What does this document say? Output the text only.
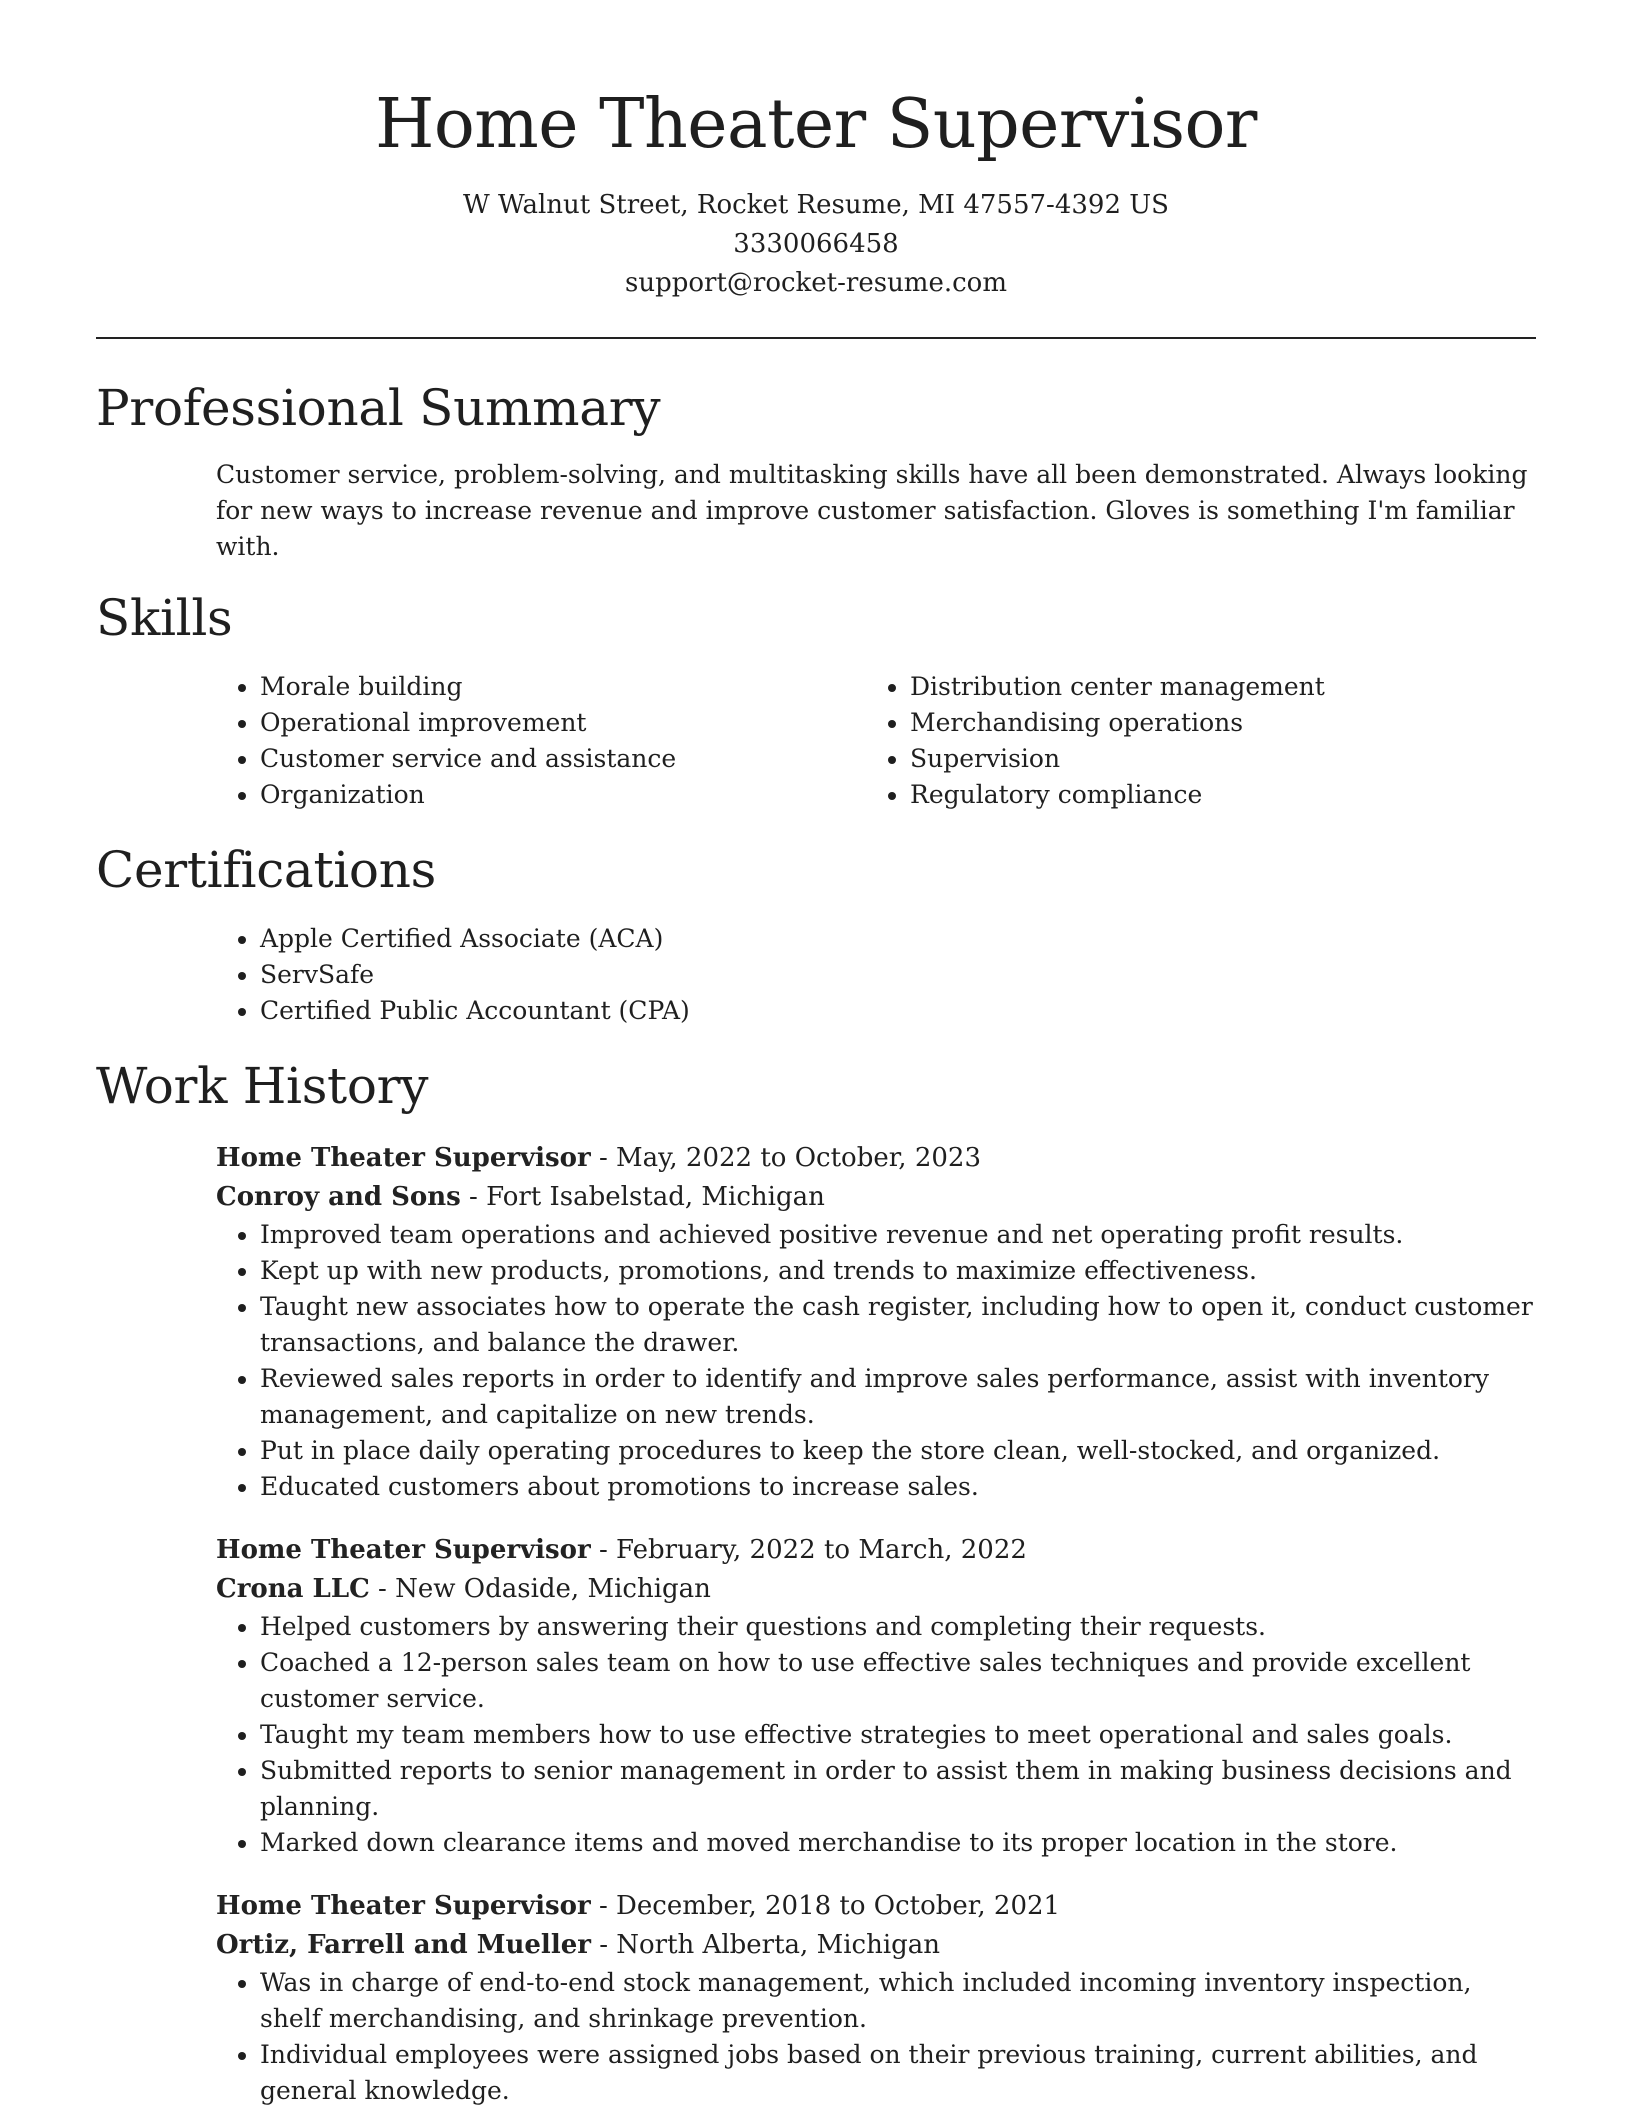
Home Theater Supervisor
W Walnut Street, Rocket Resume, MI 47557-4392 US
3330066458
support@rocket-resume.com
Professional Summary
Customer service, problem-solving, and multitasking skills have all been demonstrated. Always looking for new ways to increase revenue and improve customer satisfaction. Gloves is something I'm familiar with.
Skills
• Morale building
• Operational improvement
• Customer service and assistance
• Organization
• Distribution center management
• Merchandising operations
• Supervision
• Regulatory compliance
Certifications
• Apple Certified Associate (ACA)
• ServSafe
• Certified Public Accountant (CPA)
Work History
Home Theater Supervisor - May, 2022 to October, 2023
Conroy and Sons - Fort Isabelstad, Michigan
• Improved team operations and achieved positive revenue and net operating profit results.
• Kept up with new products, promotions, and trends to maximize effectiveness.
• Taught new associates how to operate the cash register, including how to open it, conduct customer transactions, and balance the drawer.
• Reviewed sales reports in order to identify and improve sales performance, assist with inventory management, and capitalize on new trends.
• Put in place daily operating procedures to keep the store clean, well-stocked, and organized.
• Educated customers about promotions to increase sales.
Home Theater Supervisor - February, 2022 to March, 2022
Crona LLC - New Odaside, Michigan
• Helped customers by answering their questions and completing their requests.
• Coached a 12-person sales team on how to use effective sales techniques and provide excellent customer service.
• Taught my team members how to use effective strategies to meet operational and sales goals.
• Submitted reports to senior management in order to assist them in making business decisions and planning.
• Marked down clearance items and moved merchandise to its proper location in the store.
Home Theater Supervisor - December, 2018 to October, 2021
Ortiz, Farrell and Mueller - North Alberta, Michigan
• Was in charge of end-to-end stock management, which included incoming inventory inspection, shelf merchandising, and shrinkage prevention.
• Individual employees were assigned jobs based on their previous training, current abilities, and general knowledge.
